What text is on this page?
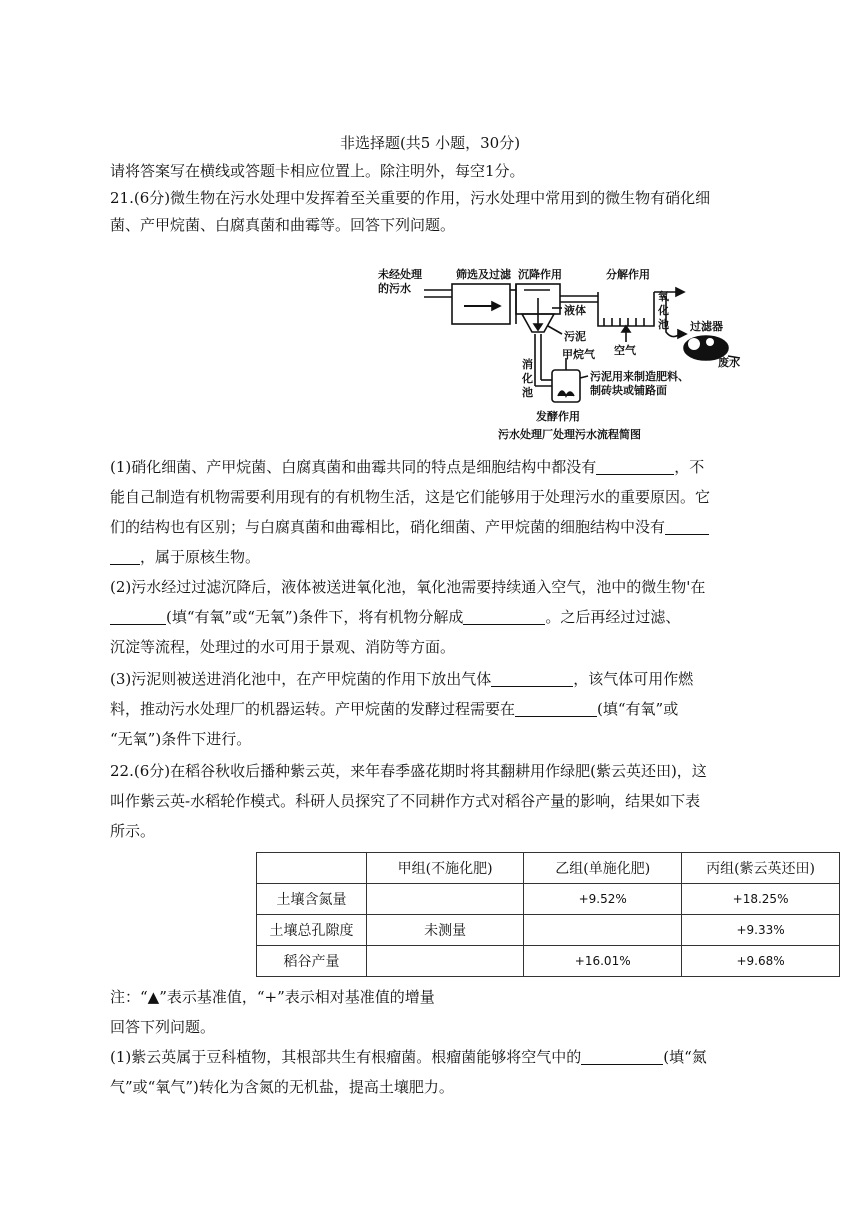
非选择题(共5 小题，30分)
请将答案写在横线或答题卡相应位置上。除注明外，每空1分。
21.(6分)微生物在污水处理中发挥着至关重要的作用，污水处理中常用到的微生物有硝化细
菌、产甲烷菌、白腐真菌和曲霉等。回答下列问题。
未经处理
的污水
筛选及过滤 沉降作用	分解作用
氧
化
池
液体
污泥
空气
过滤器
废水
甲烷气
消
化
池
污泥用来制造肥料、
制砖块或铺路面
发酵作用
污水处理厂处理污水流程简图
(1)硝化细菌、产甲烷菌、白腐真菌和曲霉共同的特点是细胞结构中都没有	，不
能自己制造有机物需要利用现有的有机物生活，这是它们能够用于处理污水的重要原因。它
们的结构也有区别；与白腐真菌和曲霉相比，硝化细菌、产甲烷菌的细胞结构中没有
，属于原核生物。
(2)污水经过过滤沉降后，液体被送进氧化池，氧化池需要持续通入空气，池中的微生物'在
(填“有氧”或“无氧”)条件下，将有机物分解成	。之后再经过过滤、
沉淀等流程，处理过的水可用于景观、消防等方面。
(3)污泥则被送进消化池中，在产甲烷菌的作用下放出气体	，该气体可用作燃
料，推动污水处理厂的机器运转。产甲烷菌的发酵过程需要在	(填“有氧”或
“无氧”)条件下进行。
22.(6分)在稻谷秋收后播种紫云英，来年春季盛花期时将其翻耕用作绿肥(紫云英还田)，这
叫作紫云英-水稻轮作模式。科研人员探究了不同耕作方式对稻谷产量的影响，结果如下表
所示。
	甲组(不施化肥)	乙组(单施化肥)	丙组(紫云英还田)
土壤含氮量		+9.52%	+18.25%
土壤总孔隙度	未测量		+9.33%
稻谷产量		+16.01%	+9.68%
注：“▲”表示基准值，“+”表示相对基准值的增量
回答下列问题。
(1)紫云英属于豆科植物，其根部共生有根瘤菌。根瘤菌能够将空气中的	(填“氮
气”或“氧气”)转化为含氮的无机盐，提高土壤肥力。
